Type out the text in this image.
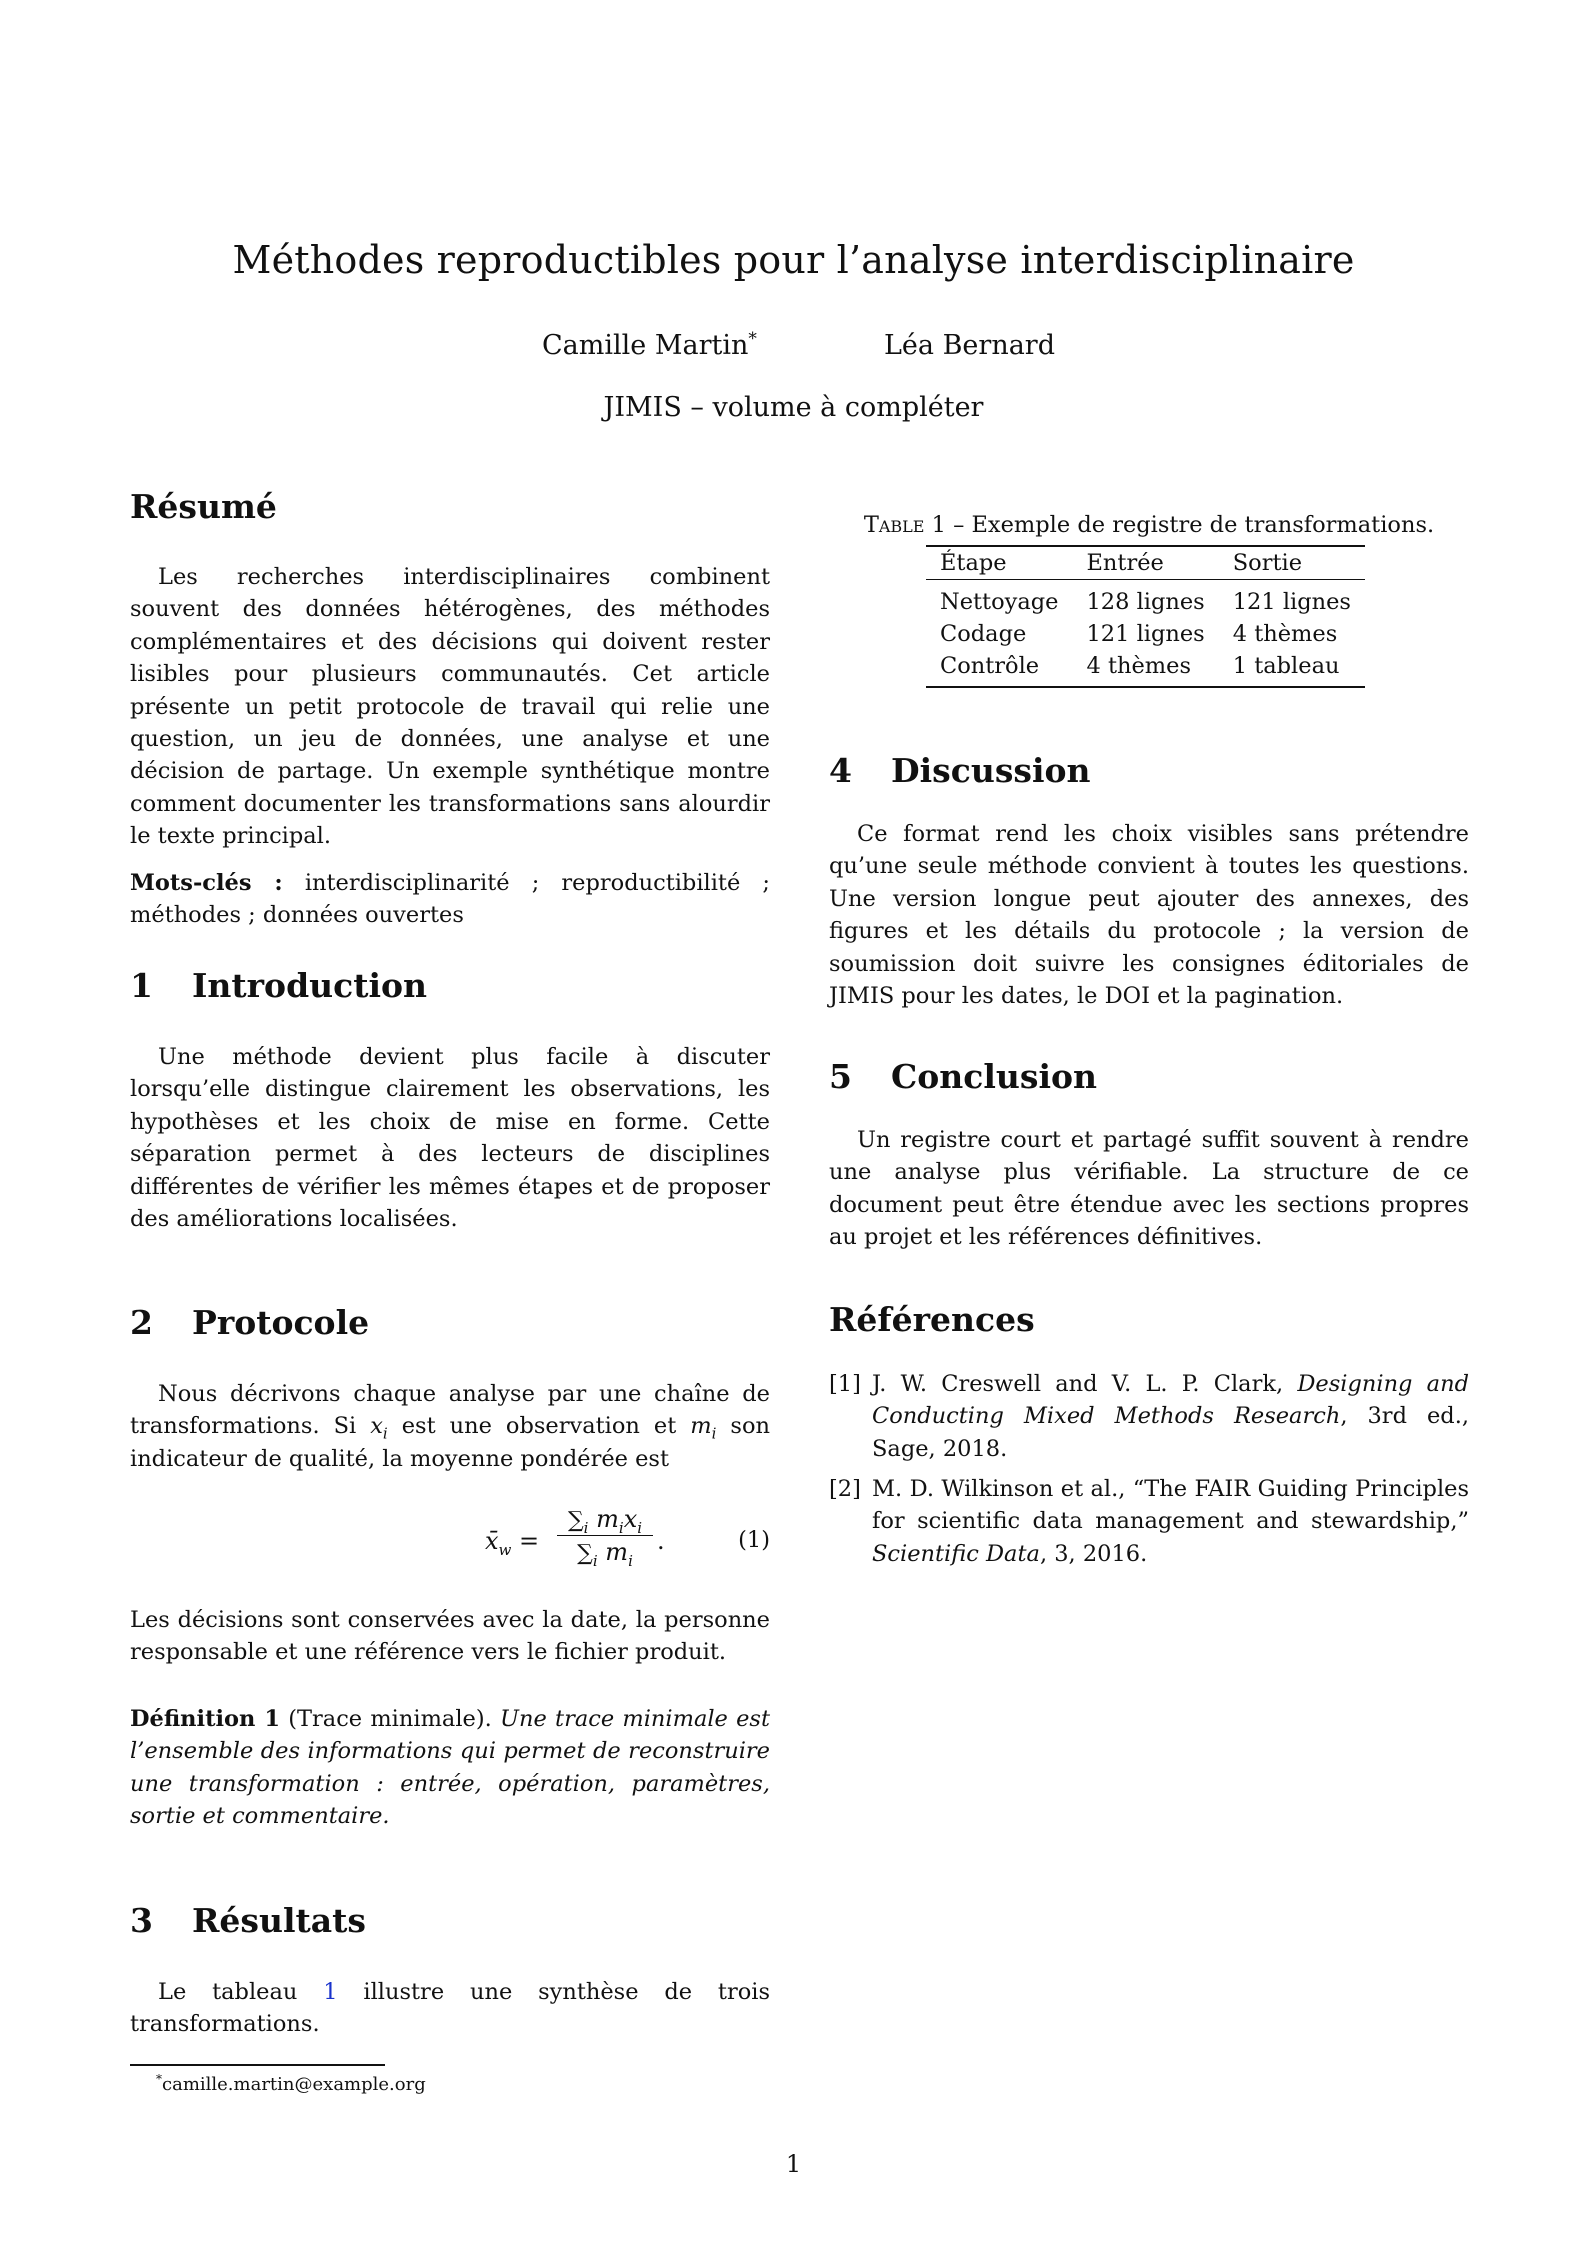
Méthodes reproductibles pour l’analyse interdisciplinaire
Camille Martin*	Léa Bernard
JIMIS – volume à compléter
Résumé

Les recherches interdisciplinaires combinent souvent des données hétérogènes, des méthodes complémentaires et des décisions qui doivent rester lisibles pour plusieurs communautés. Cet article présente un petit protocole de travail qui relie une question, un jeu de données, une analyse et une décision de partage. Un exemple synthétique montre comment documenter les transformations sans alourdir le texte principal.

Mots-clés : interdisciplinarité ; reproductibilité ; méthodes ; données ouvertes

1 Introduction

Une méthode devient plus facile à discuter lorsqu’elle distingue clairement les observations, les hypothèses et les choix de mise en forme. Cette séparation permet à des lecteurs de disciplines différentes de vérifier les mêmes étapes et de proposer des améliorations localisées.

2 Protocole

Nous décrivons chaque analyse par une chaîne de transformations. Si $x_i$ est une observation et $m_i$ son indicateur de qualité, la moyenne pondérée est

$x̄_w$ =
$\sum_i$ $m_ix_i$
$\sum_i$ $m_i$
.	(1)

Les décisions sont conservées avec la date, la personne responsable et une référence vers le fichier produit.

Définition 1 (Trace minimale). Une trace minimale est l’ensemble des informations qui permet de reconstruire une transformation : entrée, opération, paramètres, sortie et commentaire.

3 Résultats

Le tableau 1 illustre une synthèse de trois transformations.

*camille.martin@example.org
Table 1 – Exemple de registre de transformations.
Étape	Entrée	Sortie
Nettoyage	128 lignes	121 lignes
Codage	121 lignes	4 thèmes
Contrôle	4 thèmes	1 tableau
4 Discussion

Ce format rend les choix visibles sans prétendre qu’une seule méthode convient à toutes les questions. Une version longue peut ajouter des annexes, des figures et les détails du protocole ; la version de soumission doit suivre les consignes éditoriales de JIMIS pour les dates, le DOI et la pagination.

5 Conclusion

Un registre court et partagé suffit souvent à rendre une analyse plus vérifiable. La structure de ce document peut être étendue avec les sections propres au projet et les références définitives.

Références
[1] J. W. Creswell and V. L. P. Clark, Designing and Conducting Mixed Methods Research, 3rd ed., Sage, 2018.
[2] M. D. Wilkinson et al., “The FAIR Guiding Principles for scientific data management and stewardship,” Scientific Data, 3, 2016.
1
